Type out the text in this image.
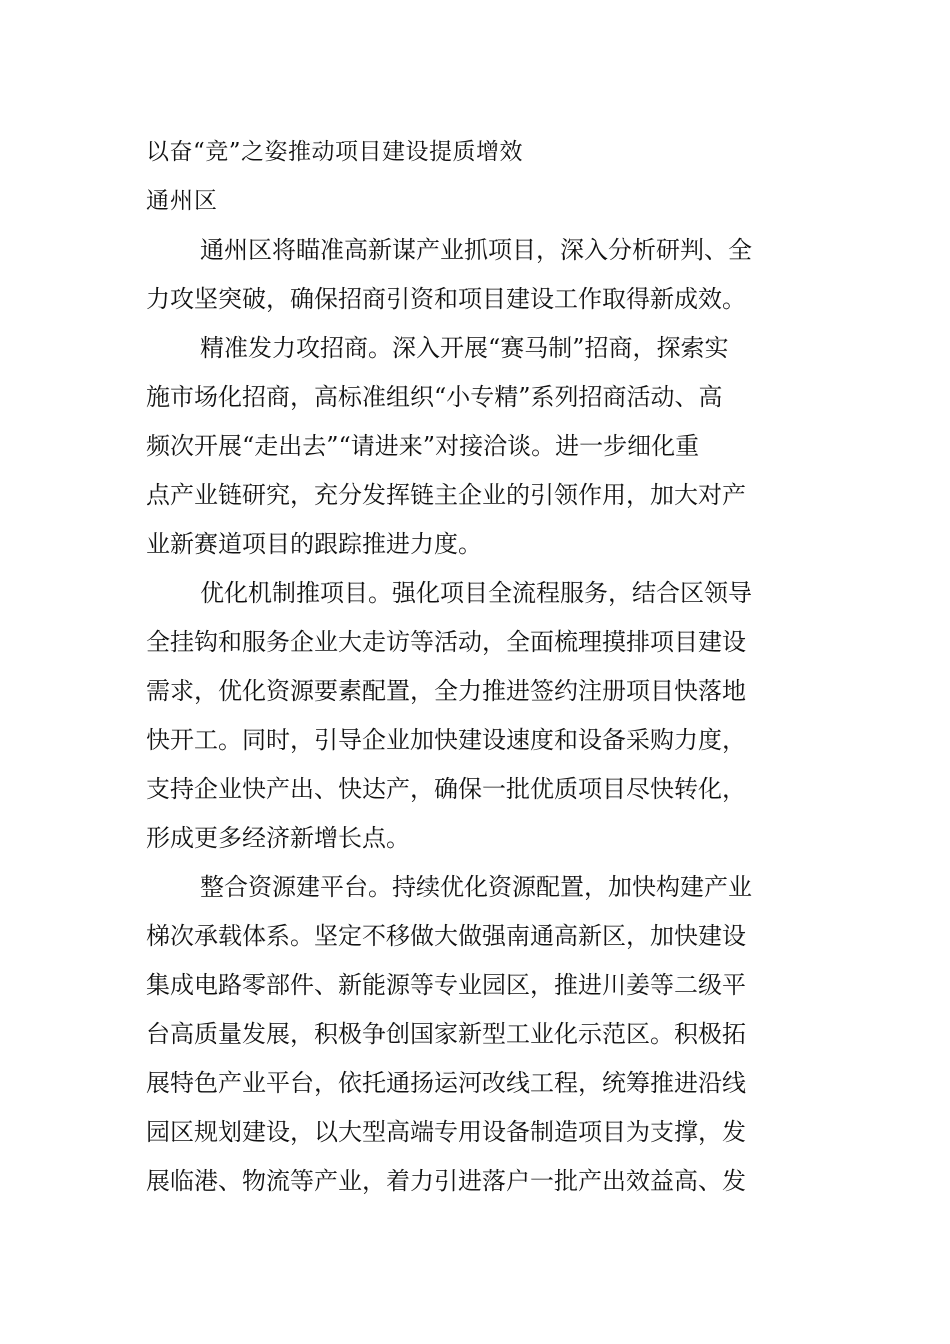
以奋“竞”之姿推动项目建设提质增效
通州区
通州区将瞄准高新谋产业抓项目，深入分析研判、全
力攻坚突破，确保招商引资和项目建设工作取得新成效。
精准发力攻招商。深入开展“赛马制”招商，探索实
施市场化招商，高标准组织“小专精”系列招商活动、高
频次开展“走出去”“请进来”对接洽谈。进一步细化重
点产业链研究，充分发挥链主企业的引领作用，加大对产
业新赛道项目的跟踪推进力度。
优化机制推项目。强化项目全流程服务，结合区领导
全挂钩和服务企业大走访等活动，全面梳理摸排项目建设
需求，优化资源要素配置，全力推进签约注册项目快落地
快开工。同时，引导企业加快建设速度和设备采购力度，
支持企业快产出、快达产，确保一批优质项目尽快转化，
形成更多经济新增长点。
整合资源建平台。持续优化资源配置，加快构建产业
梯次承载体系。坚定不移做大做强南通高新区，加快建设
集成电路零部件、新能源等专业园区，推进川姜等二级平
台高质量发展，积极争创国家新型工业化示范区。积极拓
展特色产业平台，依托通扬运河改线工程，统筹推进沿线
园区规划建设，以大型高端专用设备制造项目为支撑，发
展临港、物流等产业，着力引进落户一批产出效益高、发
